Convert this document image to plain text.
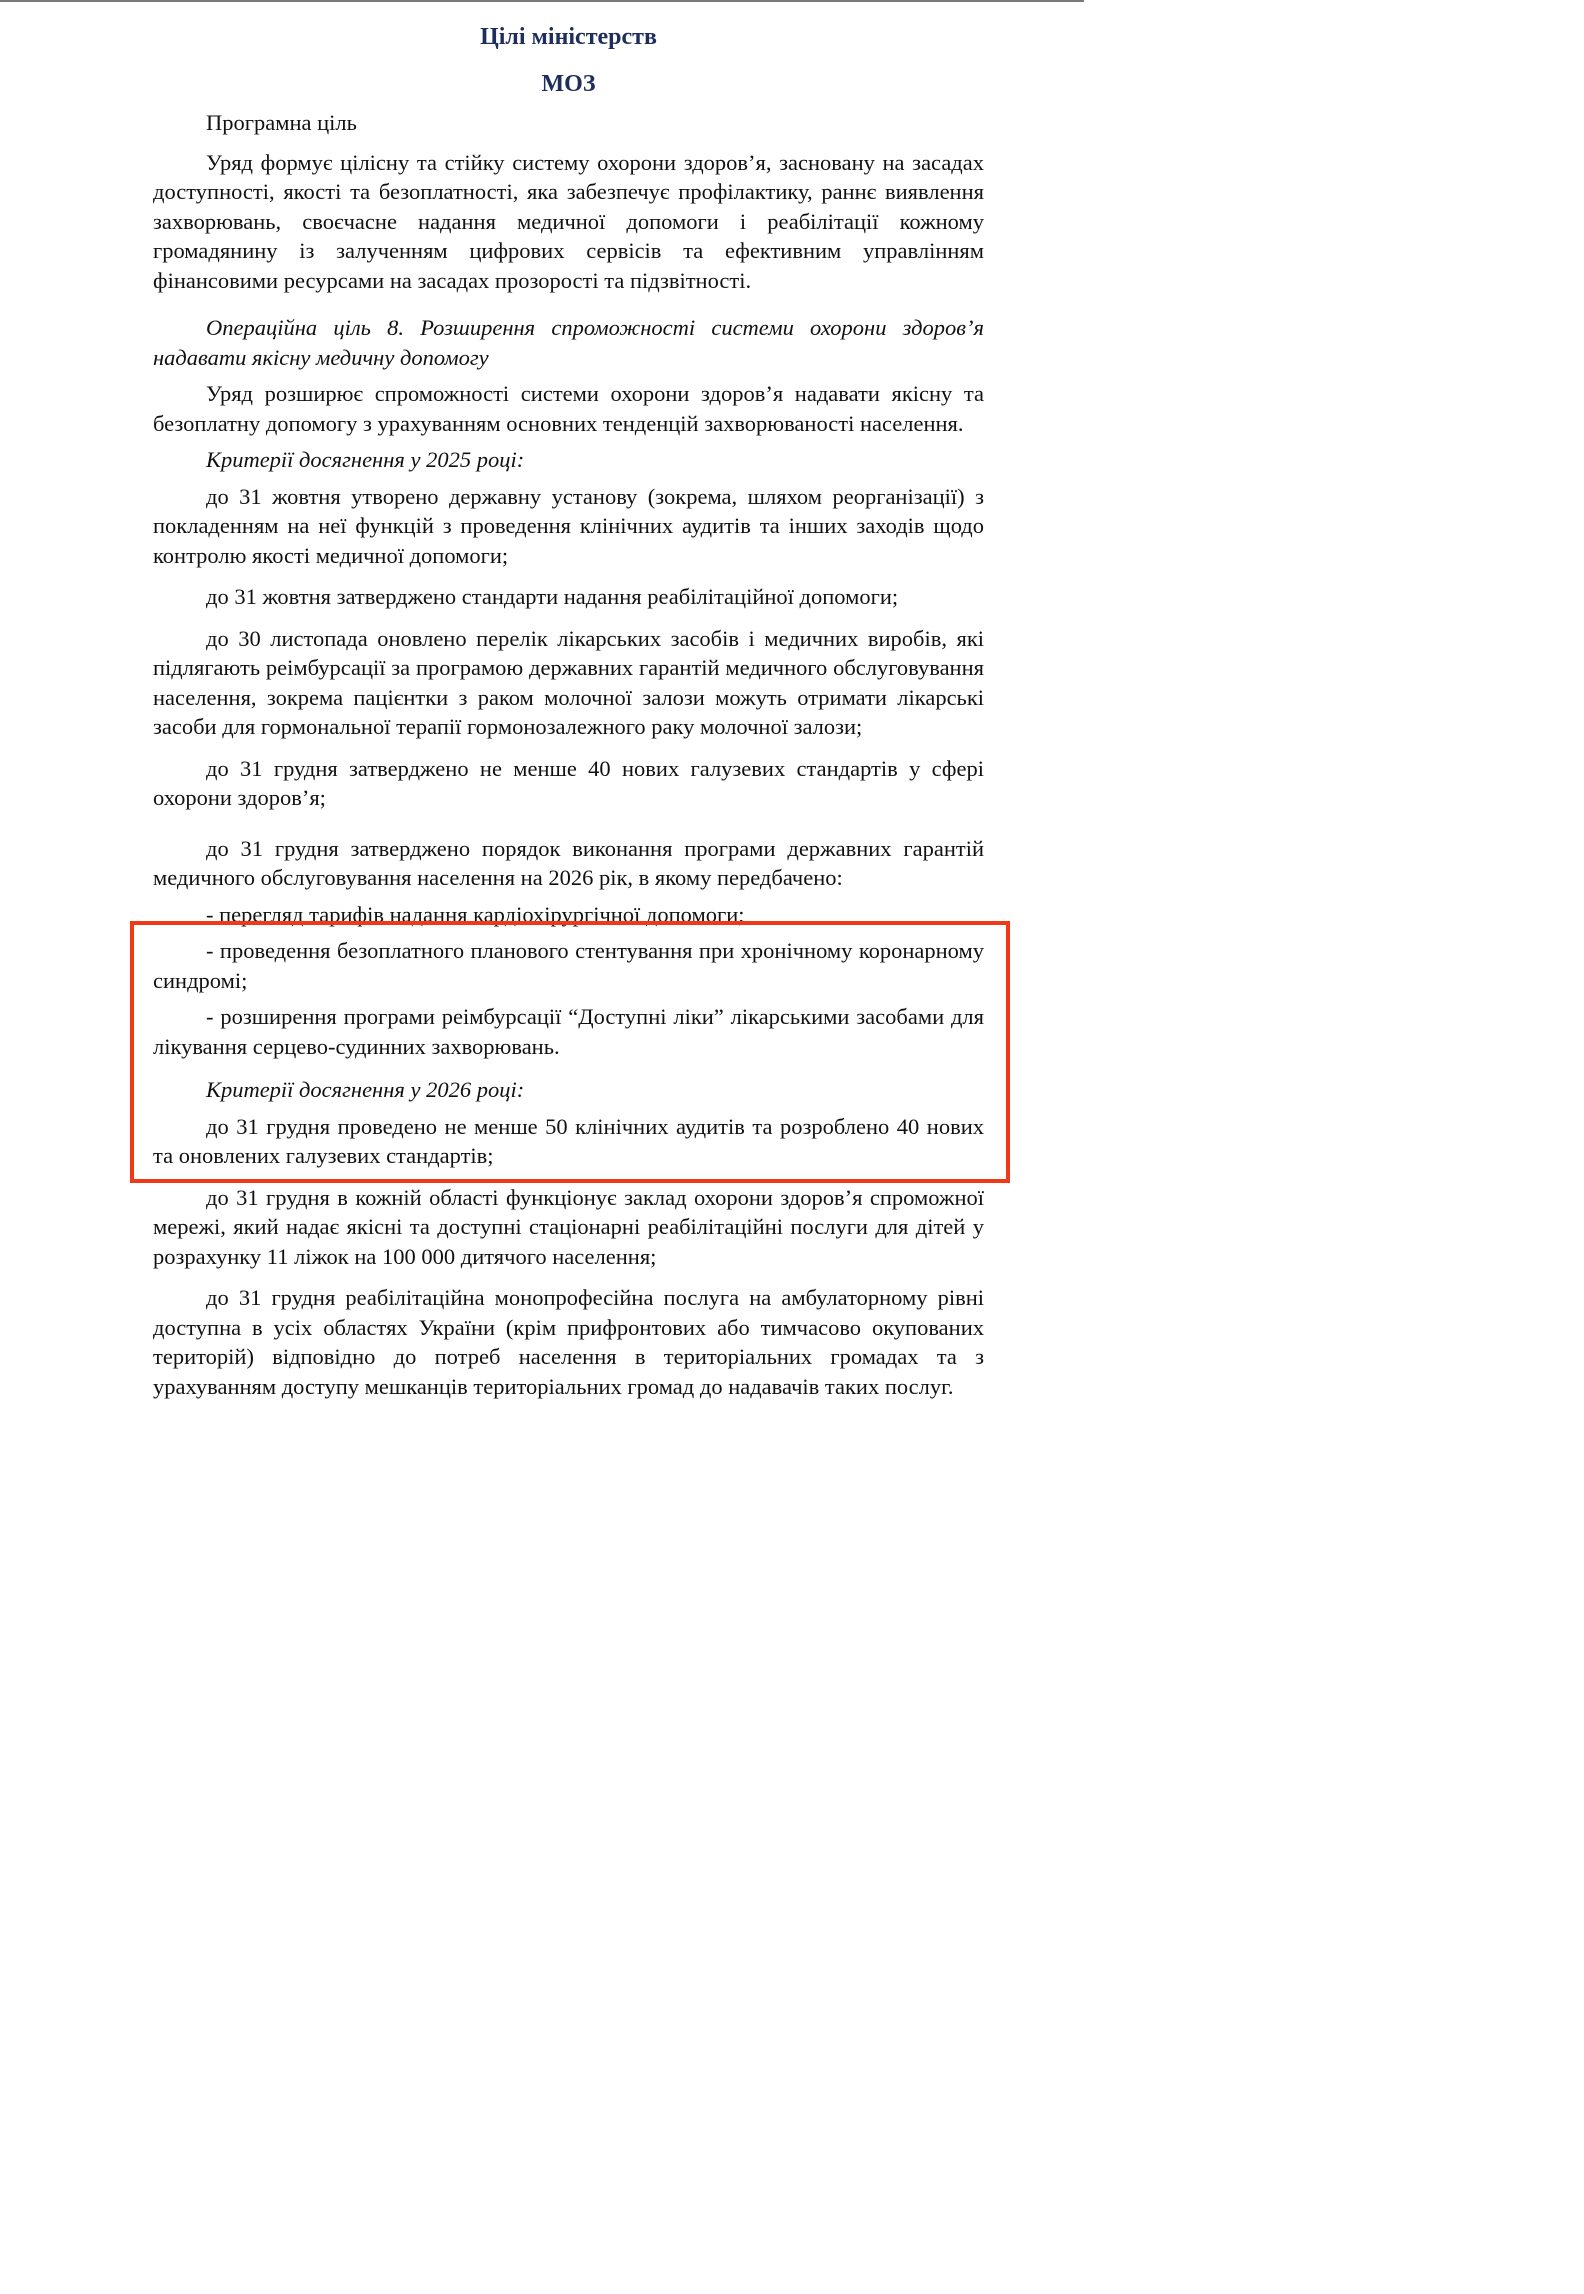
Цілі міністерств
МОЗ

Програмна ціль

Уряд формує цілісну та стійку систему охорони здоров’я, засновану на засадах доступності, якості та безоплатності, яка забезпечує профілактику, раннє виявлення захворювань, своєчасне надання медичної допомоги і реабілітації кожному громадянину із залученням цифрових сервісів та ефективним управлінням фінансовими ресурсами на засадах прозорості та підзвітності.

Операційна ціль 8. Розширення спроможності системи охорони здоров’я надавати якісну медичну допомогу

Уряд розширює спроможності системи охорони здоров’я надавати якісну та безоплатну допомогу з урахуванням основних тенденцій захворюваності населення.

Критерії досягнення у 2025 році:

до 31 жовтня утворено державну установу (зокрема, шляхом реорганізації) з покладенням на неї функцій з проведення клінічних аудитів та інших заходів щодо контролю якості медичної допомоги;

до 31 жовтня затверджено стандарти надання реабілітаційної допомоги;

до 30 листопада оновлено перелік лікарських засобів і медичних виробів, які підлягають реімбурсації за програмою державних гарантій медичного обслуговування населення, зокрема пацієнтки з раком молочної залози можуть отримати лікарські засоби для гормональної терапії гормонозалежного раку молочної залози;

до 31 грудня затверджено не менше 40 нових галузевих стандартів у сфері охорони здоров’я;

до 31 грудня затверджено порядок виконання програми державних гарантій медичного обслуговування населення на 2026 рік, в якому передбачено:

- перегляд тарифів надання кардіохірургічної допомоги;

- проведення безоплатного планового стентування при хронічному коронарному синдромі;

- розширення програми реімбурсації “Доступні ліки” лікарськими засобами для лікування серцево-судинних захворювань.

Критерії досягнення у 2026 році:

до 31 грудня проведено не менше 50 клінічних аудитів та розроблено 40 нових та оновлених галузевих стандартів;

до 31 грудня в кожній області функціонує заклад охорони здоров’я спроможної мережі, який надає якісні та доступні стаціонарні реабілітаційні послуги для дітей у розрахунку 11 ліжок на 100 000 дитячого населення;

до 31 грудня реабілітаційна монопрофесійна послуга на амбулаторному рівні доступна в усіх областях України (крім прифронтових або тимчасово окупованих територій) відповідно до потреб населення в територіальних громадах та з урахуванням доступу мешканців територіальних громад до надавачів таких послуг.
